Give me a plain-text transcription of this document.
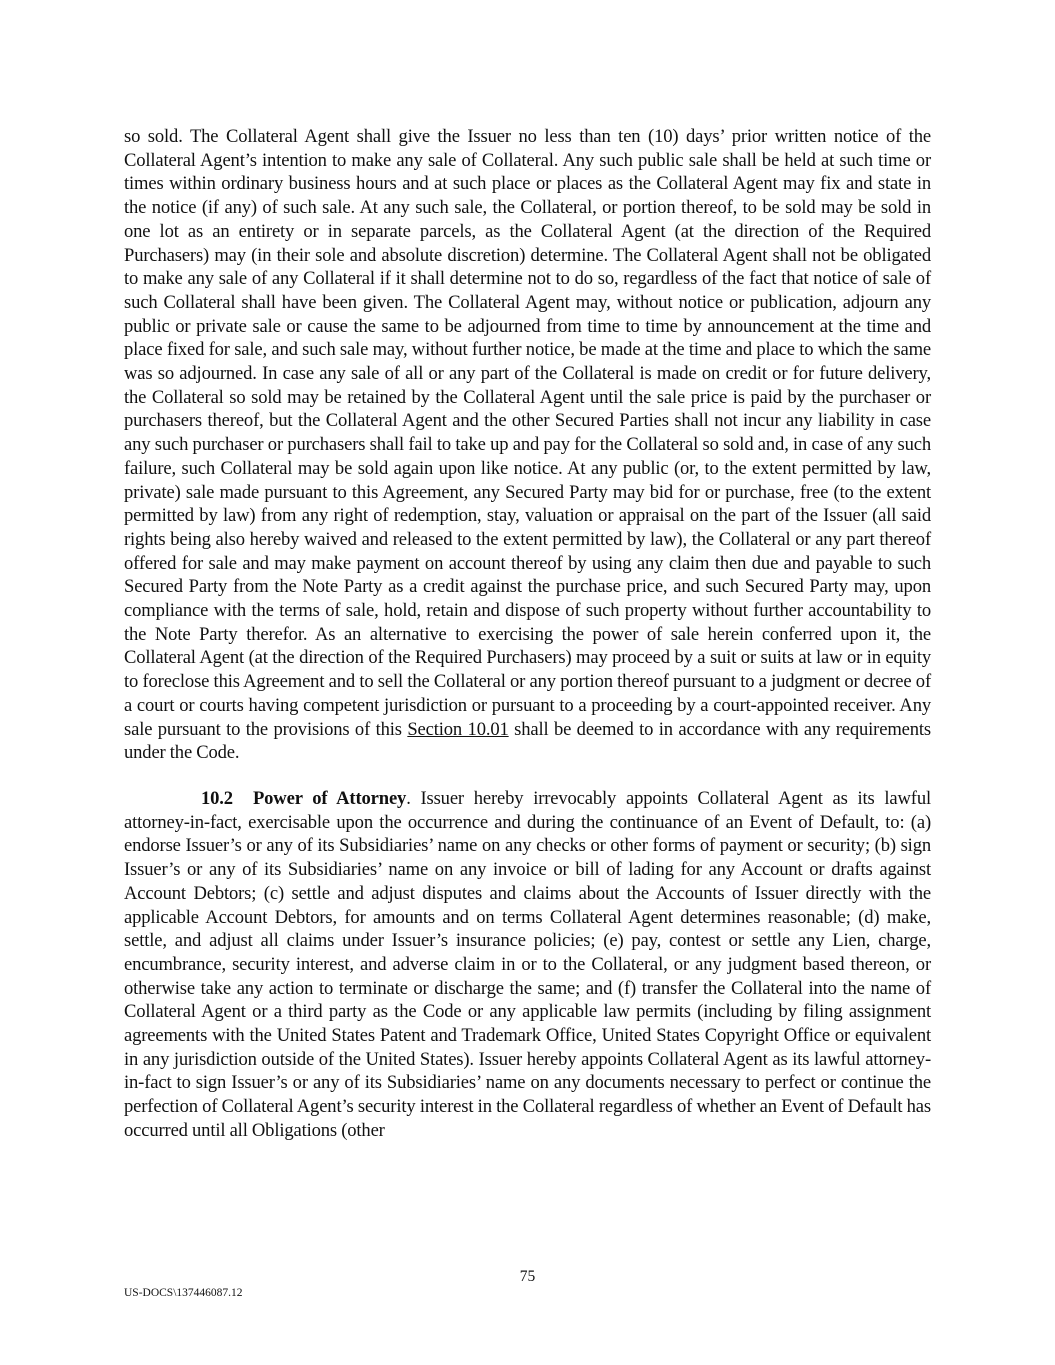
so sold. The Collateral Agent shall give the Issuer no less than ten (10) days’ prior written notice of the Collateral Agent’s intention to make any sale of Collateral. Any such public sale shall be held at such time or times within ordinary business hours and at such place or places as the Collateral Agent may fix and state in the notice (if any) of such sale. At any such sale, the Collateral, or portion thereof, to be sold may be sold in one lot as an entirety or in separate parcels, as the Collateral Agent (at the direction of the Required Purchasers) may (in their sole and absolute discretion) determine. The Collateral Agent shall not be obligated to make any sale of any Collateral if it shall determine not to do so, regardless of the fact that notice of sale of such Collateral shall have been given. The Collateral Agent may, without notice or publication, adjourn any public or private sale or cause the same to be adjourned from time to time by announcement at the time and place fixed for sale, and such sale may, without further notice, be made at the time and place to which the same was so adjourned. In case any sale of all or any part of the Collateral is made on credit or for future delivery, the Collateral so sold may be retained by the Collateral Agent until the sale price is paid by the purchaser or purchasers thereof, but the Collateral Agent and the other Secured Parties shall not incur any liability in case any such purchaser or purchasers shall fail to take up and pay for the Collateral so sold and, in case of any such failure, such Collateral may be sold again upon like notice. At any public (or, to the extent permitted by law, private) sale made pursuant to this Agreement, any Secured Party may bid for or purchase, free (to the extent permitted by law) from any right of redemption, stay, valuation or appraisal on the part of the Issuer (all said rights being also hereby waived and released to the extent permitted by law), the Collateral or any part thereof offered for sale and may make payment on account thereof by using any claim then due and payable to such Secured Party from the Note Party as a credit against the purchase price, and such Secured Party may, upon compliance with the terms of sale, hold, retain and dispose of such property without further accountability to the Note Party therefor. As an alternative to exercising the power of sale herein conferred upon it, the Collateral Agent (at the direction of the Required Purchasers) may proceed by a suit or suits at law or in equity to foreclose this Agreement and to sell the Collateral or any portion thereof pursuant to a judgment or decree of a court or courts having competent jurisdiction or pursuant to a proceeding by a court-appointed receiver. Any sale pursuant to the provisions of this Section 10.01 shall be deemed to in accordance with any requirements under the Code.

10.2 Power of Attorney. Issuer hereby irrevocably appoints Collateral Agent as its lawful attorney-in-fact, exercisable upon the occurrence and during the continuance of an Event of Default, to: (a) endorse Issuer’s or any of its Subsidiaries’ name on any checks or other forms of payment or security; (b) sign Issuer’s or any of its Subsidiaries’ name on any invoice or bill of lading for any Account or drafts against Account Debtors; (c) settle and adjust disputes and claims about the Accounts of Issuer directly with the applicable Account Debtors, for amounts and on terms Collateral Agent determines reasonable; (d) make, settle, and adjust all claims under Issuer’s insurance policies; (e) pay, contest or settle any Lien, charge, encumbrance, security interest, and adverse claim in or to the Collateral, or any judgment based thereon, or otherwise take any action to terminate or discharge the same; and (f) transfer the Collateral into the name of Collateral Agent or a third party as the Code or any applicable law permits (including by filing assignment agreements with the United States Patent and Trademark Office, United States Copyright Office or equivalent in any jurisdiction outside of the United States). Issuer hereby appoints Collateral Agent as its lawful attorney-in-fact to sign Issuer’s or any of its Subsidiaries’ name on any documents necessary to perfect or continue the perfection of Collateral Agent’s security interest in the Collateral regardless of whether an Event of Default has occurred until all Obligations (other

75
US-DOCS\137446087.12
